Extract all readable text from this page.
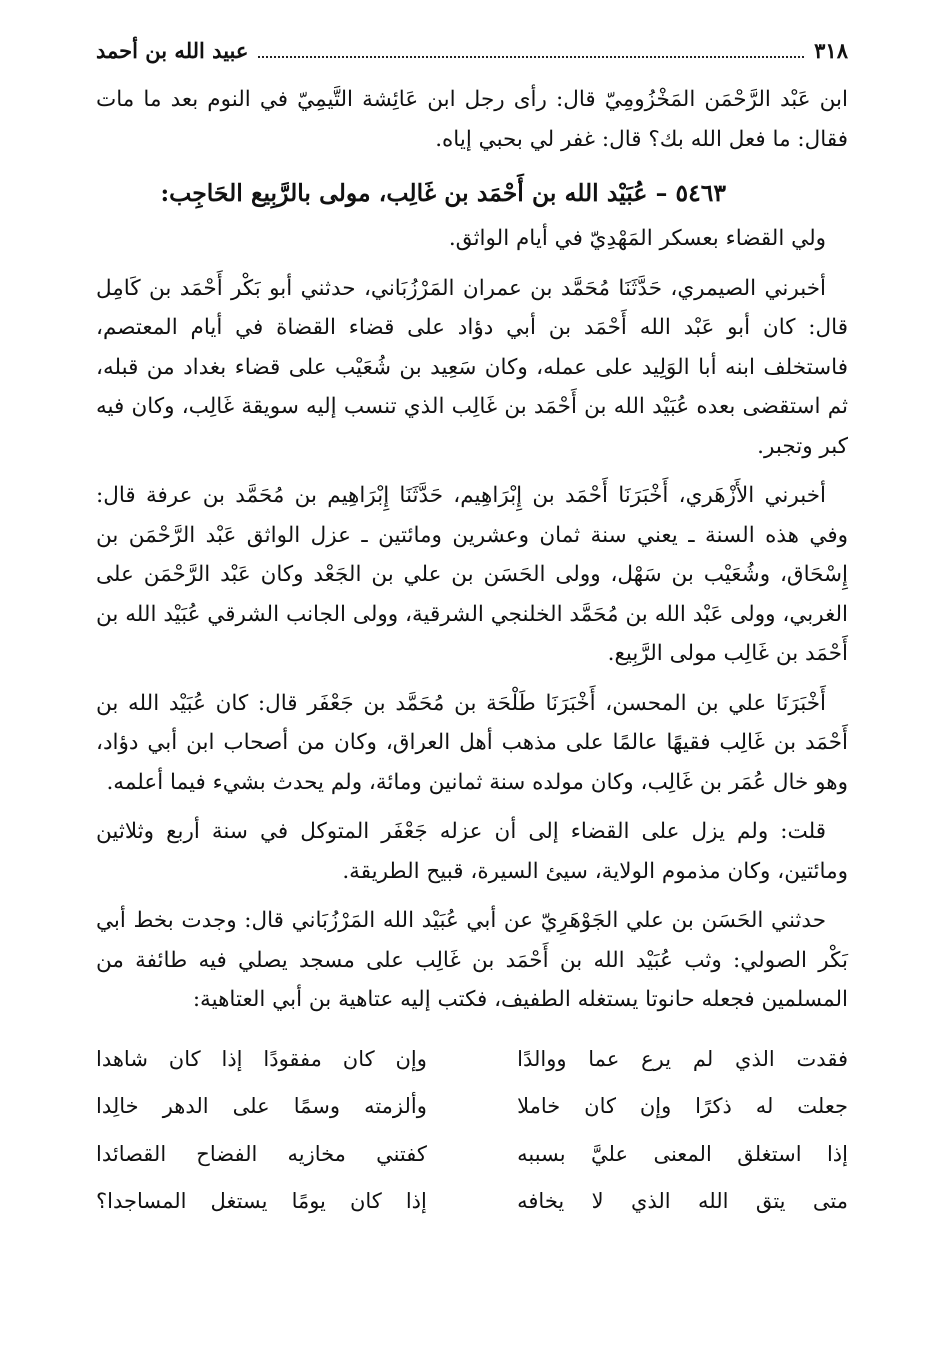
٣١٨
عبيد الله بن أحمد

ابن عَبْد الرَّحْمَن المَخْزُومِيّ قال: رأى رجل ابن عَائِشة التَّيمِيّ في النوم بعد ما مات فقال: ما فعل الله بك؟ قال: غفر لي بحبي إياه.

٥٤٦٣ – عُبَيْد الله بن أَحْمَد بن غَالِب، مولى بالرَّبِيع الحَاجِب:

ولي القضاء بعسكر المَهْدِيّ في أيام الواثق.

أخبرني الصيمري، حَدَّثَنَا مُحَمَّد بن عمران المَرْزُبَاني، حدثني أبو بَكْر أَحْمَد بن كَامِل قال: كان أبو عَبْد الله أَحْمَد بن أبي دؤاد على قضاء القضاة في أيام المعتصم، فاستخلف ابنه أبا الوَلِيد على عمله، وكان سَعِيد بن شُعَيْب على قضاء بغداد من قبله، ثم استقضى بعده عُبَيْد الله بن أَحْمَد بن غَالِب الذي تنسب إليه سويقة غَالِب، وكان فيه كبر وتجبر.

أخبرني الأَزْهَري، أَخْبَرَنَا أَحْمَد بن إِبْرَاهِيم، حَدَّثَنَا إِبْرَاهِيم بن مُحَمَّد بن عرفة قال: وفي هذه السنة ـ يعني سنة ثمان وعشرين ومائتين ـ عزل الواثق عَبْد الرَّحْمَن بن إِسْحَاق، وشُعَيْب بن سَهْل، وولى الحَسَن بن علي بن الجَعْد وكان عَبْد الرَّحْمَن على الغربي، وولى عَبْد الله بن مُحَمَّد الخلنجي الشرقية، وولى الجانب الشرقي عُبَيْد الله بن أَحْمَد بن غَالِب مولى الرَّبِيع.

أَخْبَرَنَا علي بن المحسن، أَخْبَرَنَا طَلْحَة بن مُحَمَّد بن جَعْفَر قال: كان عُبَيْد الله بن أَحْمَد بن غَالِب فقيهًا عالمًا على مذهب أهل العراق، وكان من أصحاب ابن أبي دؤاد، وهو خال عُمَر بن غَالِب، وكان مولده سنة ثمانين ومائة، ولم يحدث بشيء فيما أعلمه.

قلت: ولم يزل على القضاء إلى أن عزله جَعْفَر المتوكل في سنة أربع وثلاثين ومائتين، وكان مذموم الولاية، سيئ السيرة، قبيح الطريقة.

حدثني الحَسَن بن علي الجَوْهَرِيّ عن أبي عُبَيْد الله المَرْزُبَاني قال: وجدت بخط أبي بَكْر الصولي: وثب عُبَيْد الله بن أَحْمَد بن غَالِب على مسجد يصلي فيه طائفة من المسلمين فجعله حانوتا يستغله الطفيف، فكتب إليه عتاهية بن أبي العتاهية:

فقدت الذي لم يرع عما ووالدًا
وإن كان مفقودًا إذا كان شاهدا
جعلت له ذكرًا وإن كان خاملا
وألزمته وسمًا على الدهر خالِدا
إذا استغلق المعنى عليَّ بسببه
كفتني مخازيه الفضاح القصائدا
متى يتق الله الذي لا يخافه
إذا كان يومًا يستغل المساجدا؟
